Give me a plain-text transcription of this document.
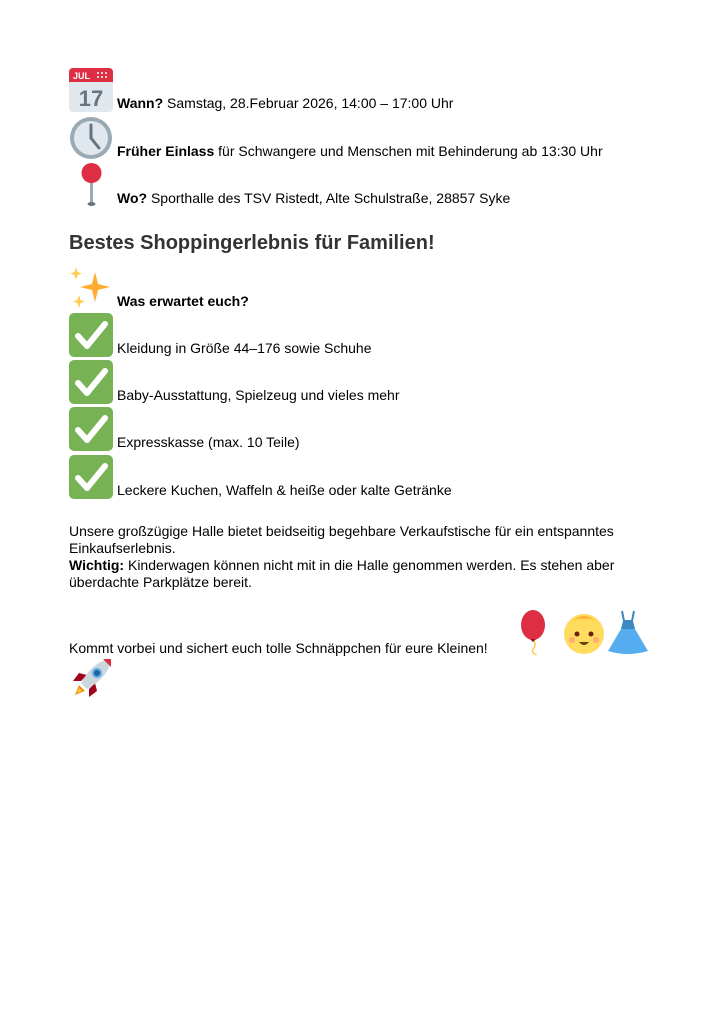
JUL
17 Wann? Samstag, 28.Februar 2026, 14:00 – 17:00 Uhr
Früher Einlass für Schwangere und Menschen mit Behinderung ab 13:30 Uhr
Wo? Sporthalle des TSV Ristedt, Alte Schulstraße, 28857 Syke
Bestes Shoppingerlebnis für Familien!
Was erwartet euch?
Kleidung in Größe 44–176 sowie Schuhe
Baby-Ausstattung, Spielzeug und vieles mehr
Expresskasse (max. 10 Teile)
Leckere Kuchen, Waffeln & heiße oder kalte Getränke
Unsere großzügige Halle bietet beidseitig begehbare Verkaufstische für ein entspanntes Einkaufserlebnis.
Wichtig: Kinderwagen können nicht mit in die Halle genommen werden. Es stehen aber überdachte Parkplätze bereit.
Kommt vorbei und sichert euch tolle Schnäppchen für eure Kleinen!
